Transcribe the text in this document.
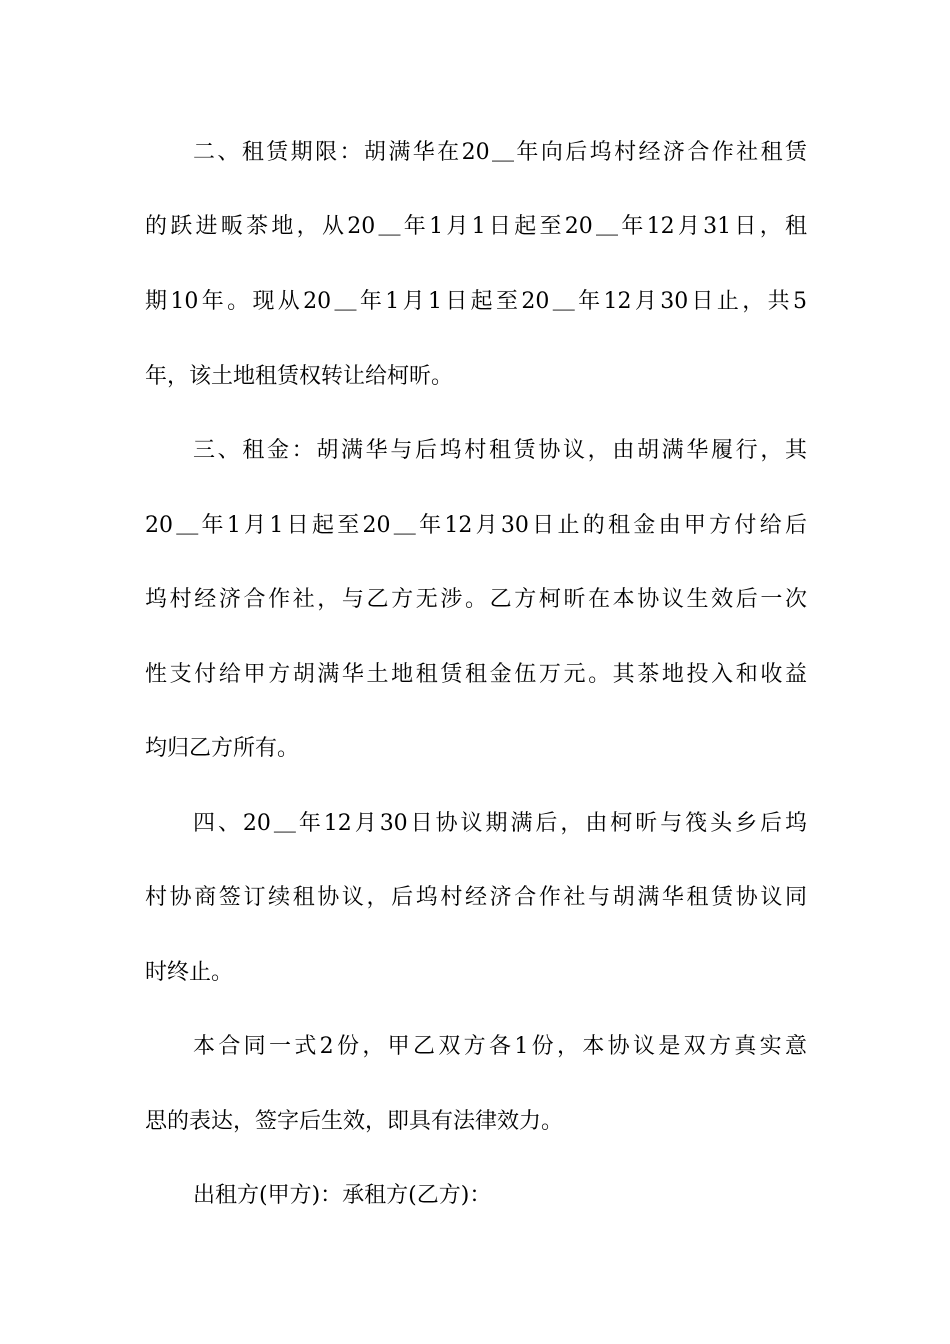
二、租赁期限：胡满华在20＿年向后坞村经济合作社租赁
的跃进畈茶地，从20＿年1月1日起至20＿年12月31日，租
期10年。现从20＿年1月1日起至20＿年12月30日止，共5
年，该土地租赁权转让给柯昕。
三、租金：胡满华与后坞村租赁协议，由胡满华履行，其
20＿年1月1日起至20＿年12月30日止的租金由甲方付给后
坞村经济合作社，与乙方无涉。乙方柯昕在本协议生效后一次
性支付给甲方胡满华土地租赁租金伍万元。其茶地投入和收益
均归乙方所有。
四、20＿年12月30日协议期满后，由柯昕与筏头乡后坞
村协商签订续租协议，后坞村经济合作社与胡满华租赁协议同
时终止。
本合同一式2份，甲乙双方各1份，本协议是双方真实意
思的表达，签字后生效，即具有法律效力。
出租方(甲方)：承租方(乙方)：
